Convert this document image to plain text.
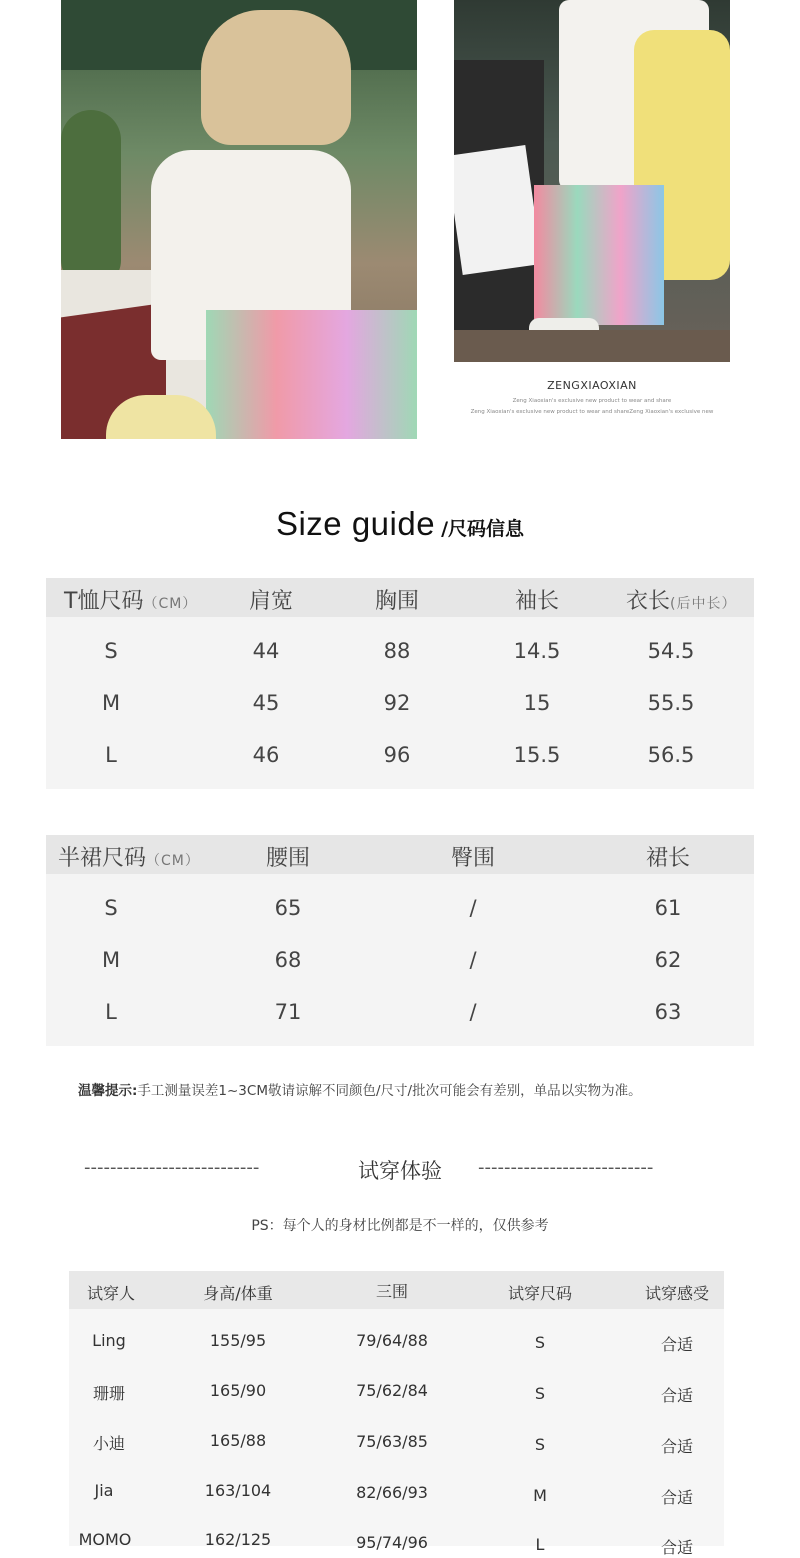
ZENGXIAOXIAN
Zeng Xiaoxian's exclusive new product to wear and share
Zeng Xiaoxian's exclusive new product to wear and shareZeng Xiaoxian's exclusive new
Size guide /尺码信息
T恤尺码（CM）	肩宽	胸围	袖长	衣长(后中长）
S	44	88	14.5	54.5
M	45	92	15	55.5
L	46	96	15.5	56.5
半裙尺码（CM）	腰围	臀围	裙长
S	65	/	61
M	68	/	62
L	71	/	63
温馨提示:手工测量误差1~3CM敬请谅解不同颜色/尺寸/批次可能会有差别，单品以实物为准。
---------------------------	试穿体验	---------------------------
PS：每个人的身材比例都是不一样的，仅供参考
试穿人	身高/体重	三围	试穿尺码	试穿感受
Ling	155/95	79/64/88	S	合适
珊珊	165/90	75/62/84	S	合适
小迪	165/88	75/63/85	S	合适
Jia	163/104	82/66/93	M	合适
MOMO	162/125	95/74/96	L	合适
